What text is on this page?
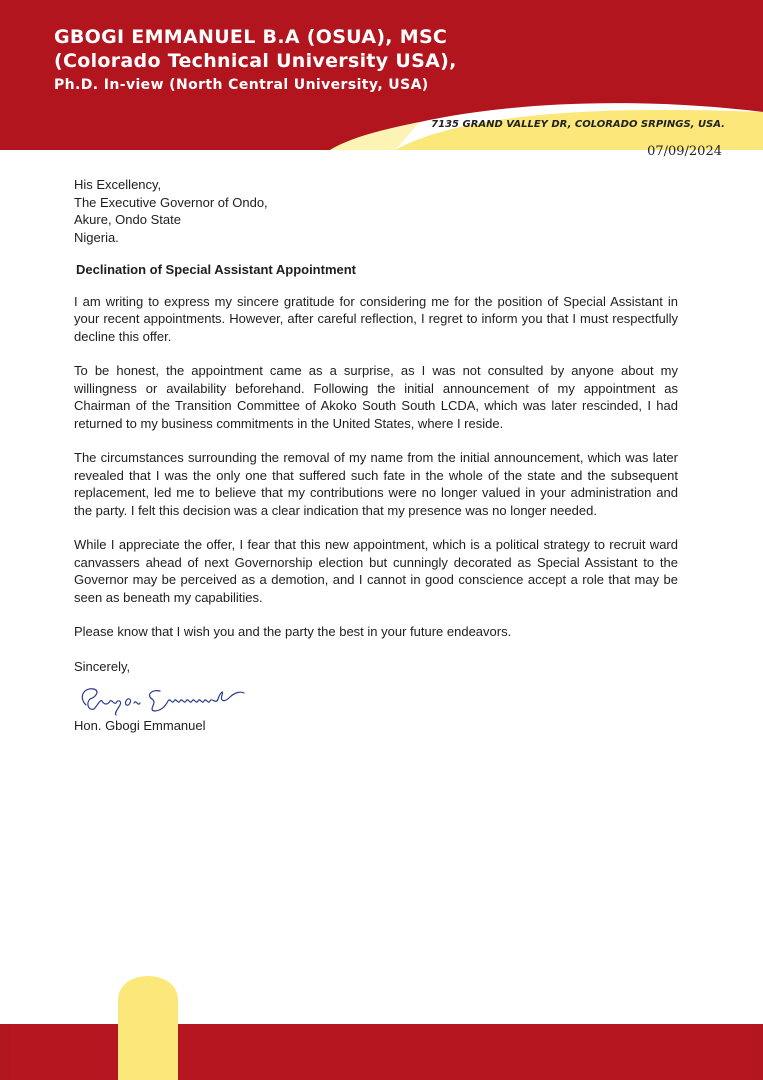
GBOGI EMMANUEL B.A (OSUA), MSC

(Colorado Technical University USA),

Ph.D. In-view (North Central University, USA)

7135 GRAND VALLEY DR, COLORADO SRPINGS, USA.
07/09/2024

His Excellency,

The Executive Governor of Ondo,

Akure, Ondo State

Nigeria.

Declination of Special Assistant Appointment

I am writing to express my sincere gratitude for considering me for the position of Special Assistant in your recent appointments. However, after careful reflection, I regret to inform you that I must respectfully decline this offer.

To be honest, the appointment came as a surprise, as I was not consulted by anyone about my willingness or availability beforehand. Following the initial announcement of my appointment as Chairman of the Transition Committee of Akoko South South LCDA, which was later rescinded, I had returned to my business commitments in the United States, where I reside.

The circumstances surrounding the removal of my name from the initial announcement, which was later revealed that I was the only one that suffered such fate in the whole of the state and the subsequent replacement, led me to believe that my contributions were no longer valued in your administration and the party. I felt this decision was a clear indication that my presence was no longer needed.

While I appreciate the offer, I fear that this new appointment, which is a political strategy to recruit ward canvassers ahead of next Governorship election but cunningly decorated as Special Assistant to the Governor may be perceived as a demotion, and I cannot in good conscience accept a role that may be seen as beneath my capabilities.

Please know that I wish you and the party the best in your future endeavors.

Sincerely,

Hon. Gbogi Emmanuel
